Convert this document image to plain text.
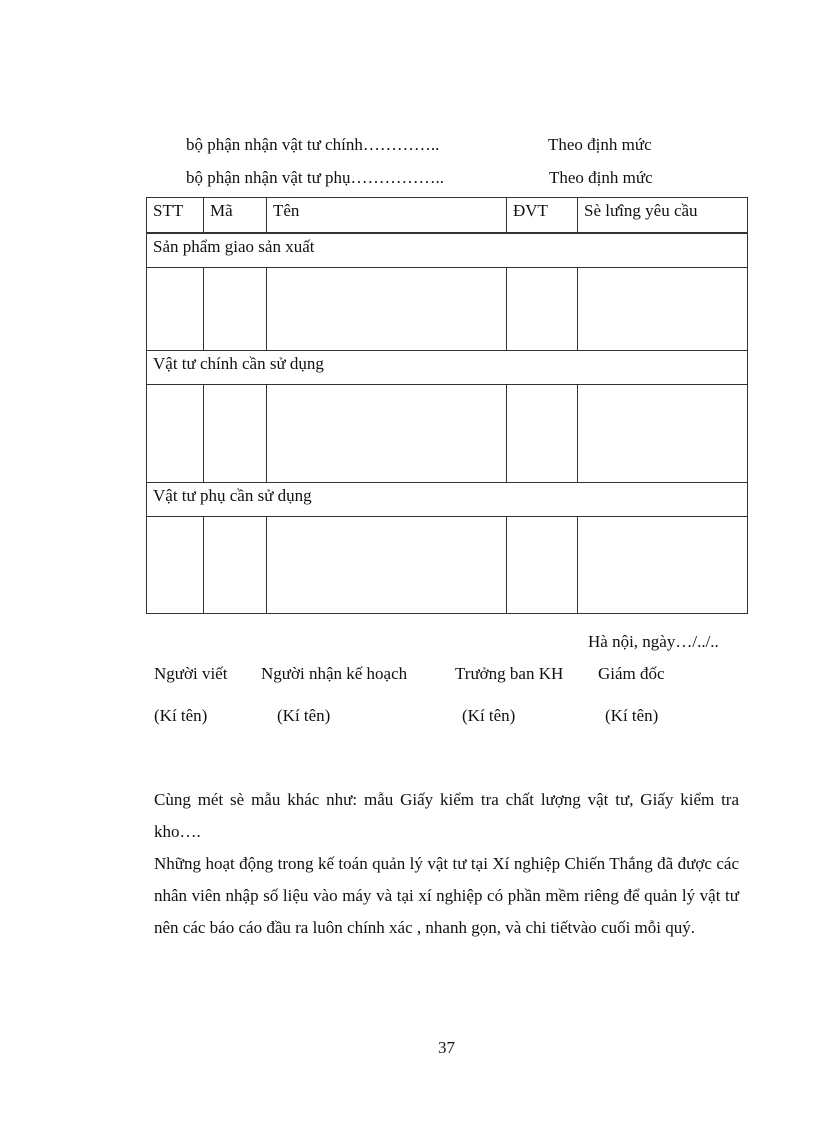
bộ phận nhận vật tư chính…………..	Theo định mức
bộ phận nhận vật tư phụ……………..	Theo định mức
STT	Mã	Tên	ĐVT	Sè lưîng yêu cầu
Sản phẩm giao sản xuất				

Vật tư chính cần sử dụng				

Vật tư phụ cần sử dụng				

Hà nội, ngày…/../..
Người viết Người nhận kế hoạch	Trưởng ban KH Giám đốc
(Kí tên)	(Kí tên)	(Kí tên)	(Kí tên)
Cùng mét sè mẫu khác như: mẫu Giấy kiểm tra chất lượng vật tư, Giấy kiểm tra kho….
Những hoạt động trong kế toán quản lý vật tư tại Xí nghiệp Chiến Thắng đã được các nhân viên nhập số liệu vào máy và tại xí nghiệp có phần mềm riêng để quản lý vật tư nên các báo cáo đầu ra luôn chính xác , nhanh gọn, và chi tiếtvào cuối mỗi quý.
37
